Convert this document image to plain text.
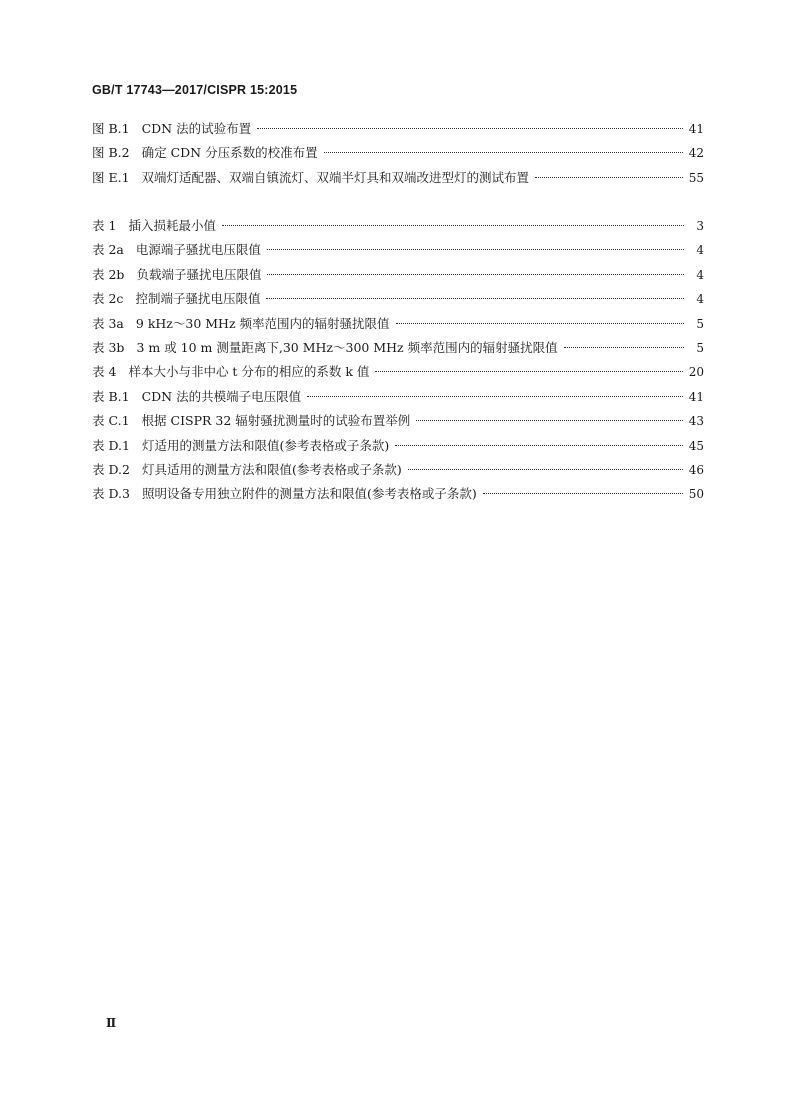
GB/T 17743—2017/CISPR 15:2015
图 B.1 CDN 法的试验布置	41
图 B.2 确定 CDN 分压系数的校准布置	42
图 E.1 双端灯适配器、双端自镇流灯、双端半灯具和双端改进型灯的测试布置	55
表 1 插入损耗最小值	3
表 2a 电源端子骚扰电压限值	4
表 2b 负载端子骚扰电压限值	4
表 2c 控制端子骚扰电压限值	4
表 3a 9 kHz～30 MHz 频率范围内的辐射骚扰限值	5
表 3b 3 m 或 10 m 测量距离下,30 MHz～300 MHz 频率范围内的辐射骚扰限值	5
表 4 样本大小与非中心 t 分布的相应的系数 k 值	20
表 B.1 CDN 法的共模端子电压限值	41
表 C.1 根据 CISPR 32 辐射骚扰测量时的试验布置举例	43
表 D.1 灯适用的测量方法和限值(参考表格或子条款)	45
表 D.2 灯具适用的测量方法和限值(参考表格或子条款)	46
表 D.3 照明设备专用独立附件的测量方法和限值(参考表格或子条款)	50
Ⅱ
